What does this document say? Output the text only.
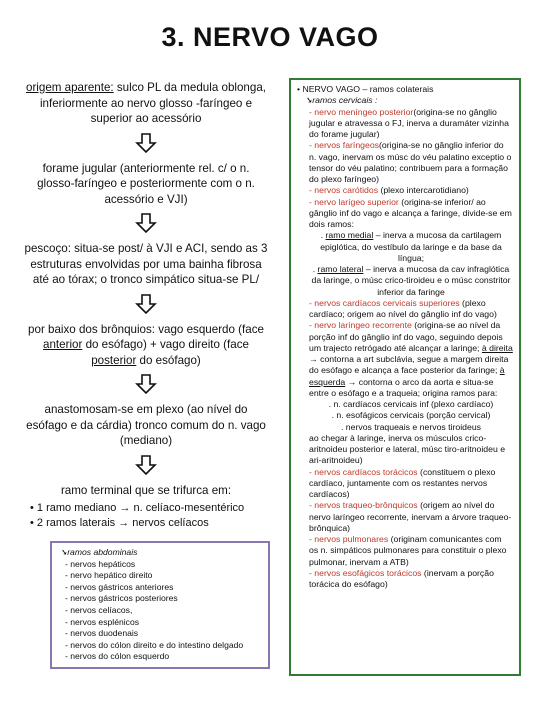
3. NERVO VAGO
origem aparente: sulco PL da medula oblonga, inferiormente ao nervo glosso -faríngeo e superior ao acessório
forame jugular (anteriormente rel. c/ o n. glosso-faríngeo e posteriormente com o n. acessório e VJI)
pescoço: situa-se post/ à VJI e ACI, sendo as 3 estruturas envolvidas por uma bainha fibrosa até ao tórax; o tronco simpático situa-se PL/
por baixo dos brônquios: vago esquerdo (face anterior do esófago) + vago direito (face posterior do esófago)
anastomosam-se em plexo (ao nível do esófago e da cárdia) tronco comum do n. vago (mediano)
ramo terminal que se trifurca em:
• 1 ramo mediano → n. celíaco-mesentérico
• 2 ramos laterais → nervos celíacos
➘ramos abdominais
- nervos hepáticos
- nervo hepático direito
- nervos gástricos anteriores
- nervos gástricos posteriores
- nervos celíacos,
- nervos esplénicos
- nervos duodenais
- nervos do cólon direito e do intestino delgado
- nervos do cólon esquerdo
• NERVO VAGO – ramos colaterais
➘ramos cervicais :
- nervo meníngeo posterior(origina-se no gânglio jugular e atravessa o FJ, inerva a duramáter vizinha do forame jugular)
- nervos faríngeos(origina-se no gânglio inferior do n. vago, inervam os músc do véu palatino exceptio o tensor do véu palatino; contribuem para a formação do plexo faríngeo)
- nervos carótidos (plexo intercarotidiano)
- nervo larígeo superior (origina-se inferior/ ao gânglio inf do vago e alcança a faringe, divide-se em dois ramos:
. ramo medial – inerva a mucosa da cartilagem epiglótica, do vestíbulo da laringe e da base da língua;
. ramo lateral – inerva a mucosa da cav infraglótica da laringe, o músc crico-tiroideu e o músc constritor inferior da faringe
- nervos cardíacos cervicais superiores (plexo cardíaco; origem ao nível do gânglio inf do vago)
- nervo laríngeo recorrente (origina-se ao nível da porção inf do gânglio inf do vago, seguindo depois um trajecto retrógado até alcançar a laringe; à direita → contorna a art subclávia, segue a margem direita do esófago e alcança a face posterior da faringe; à esquerda → contorna o arco da aorta e situa-se entre o esófago e a traqueia; origina ramos para:
. n. cardíacos cervicais inf (plexo cardíaco)
. n. esofágicos cervicais (porção cervical)
. nervos traqueais e nervos tiroideus
ao chegar à laringe, inerva os músculos crico-aritnoideu posterior e lateral, músc tiro-aritnoideu e ari-aritnoideu)
- nervos cardíacos torácicos (constituem o plexo cardíaco, juntamente com os restantes nervos cardíacos)
- nervos traqueo-brônquicos (origem ao nível do nervo laríngeo recorrente, inervam a árvore traqueo-brônquica)
- nervos pulmonares (originam comunicantes com os n. simpáticos pulmonares para constituir o plexo pulmonar, inervam a ATB)
- nervos esofágicos torácicos (inervam a porção torácica do esófago)
